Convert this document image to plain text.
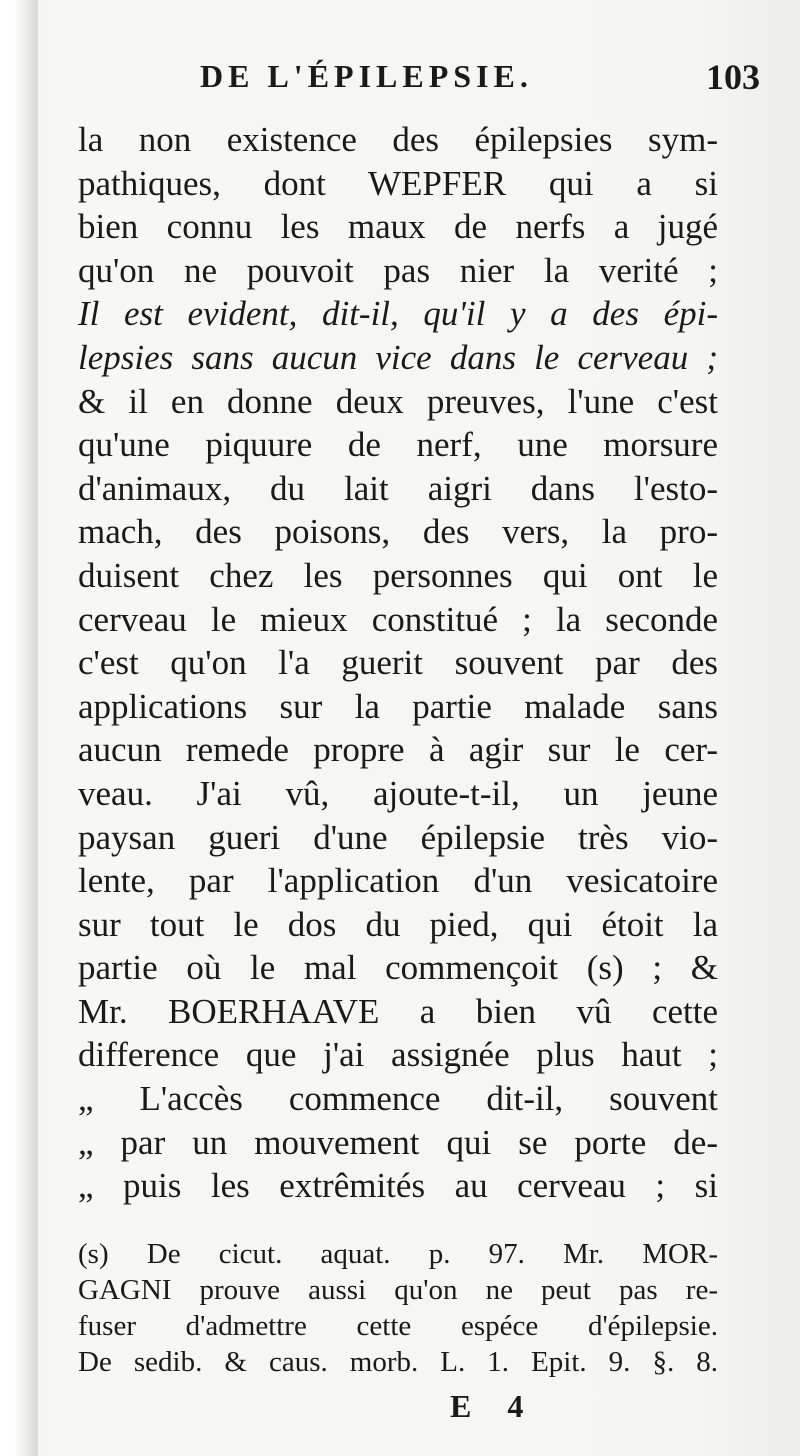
DE L'ÉPILEPSIE.	103
la non existence des épilepsies sym-
pathiques, dont WEPFER qui a si
bien connu les maux de nerfs a jugé
qu'on ne pouvoit pas nier la verité ;
Il est evident, dit-il, qu'il y a des épi-
lepsies sans aucun vice dans le cerveau ;
& il en donne deux preuves, l'une c'est
qu'une piquure de nerf, une morsure
d'animaux, du lait aigri dans l'esto-
mach, des poisons, des vers, la pro-
duisent chez les personnes qui ont le
cerveau le mieux constitué ; la seconde
c'est qu'on l'a guerit souvent par des
applications sur la partie malade sans
aucun remede propre à agir sur le cer-
veau. J'ai vû, ajoute-t-il, un jeune
paysan gueri d'une épilepsie très vio-
lente, par l'application d'un vesicatoire
sur tout le dos du pied, qui étoit la
partie où le mal commençoit (s) ; &
Mr. BOERHAAVE a bien vû cette
difference que j'ai assignée plus haut ;
„ L'accès commence dit-il, souvent
„ par un mouvement qui se porte de-
„ puis les extrêmités au cerveau ; si
(s) De cicut. aquat. p. 97. Mr. MOR-
GAGNI prouve aussi qu'on ne peut pas re-
fuser d'admettre cette espéce d'épilepsie.
De sedib. & caus. morb. L. 1. Epit. 9. §. 8.
E 4
